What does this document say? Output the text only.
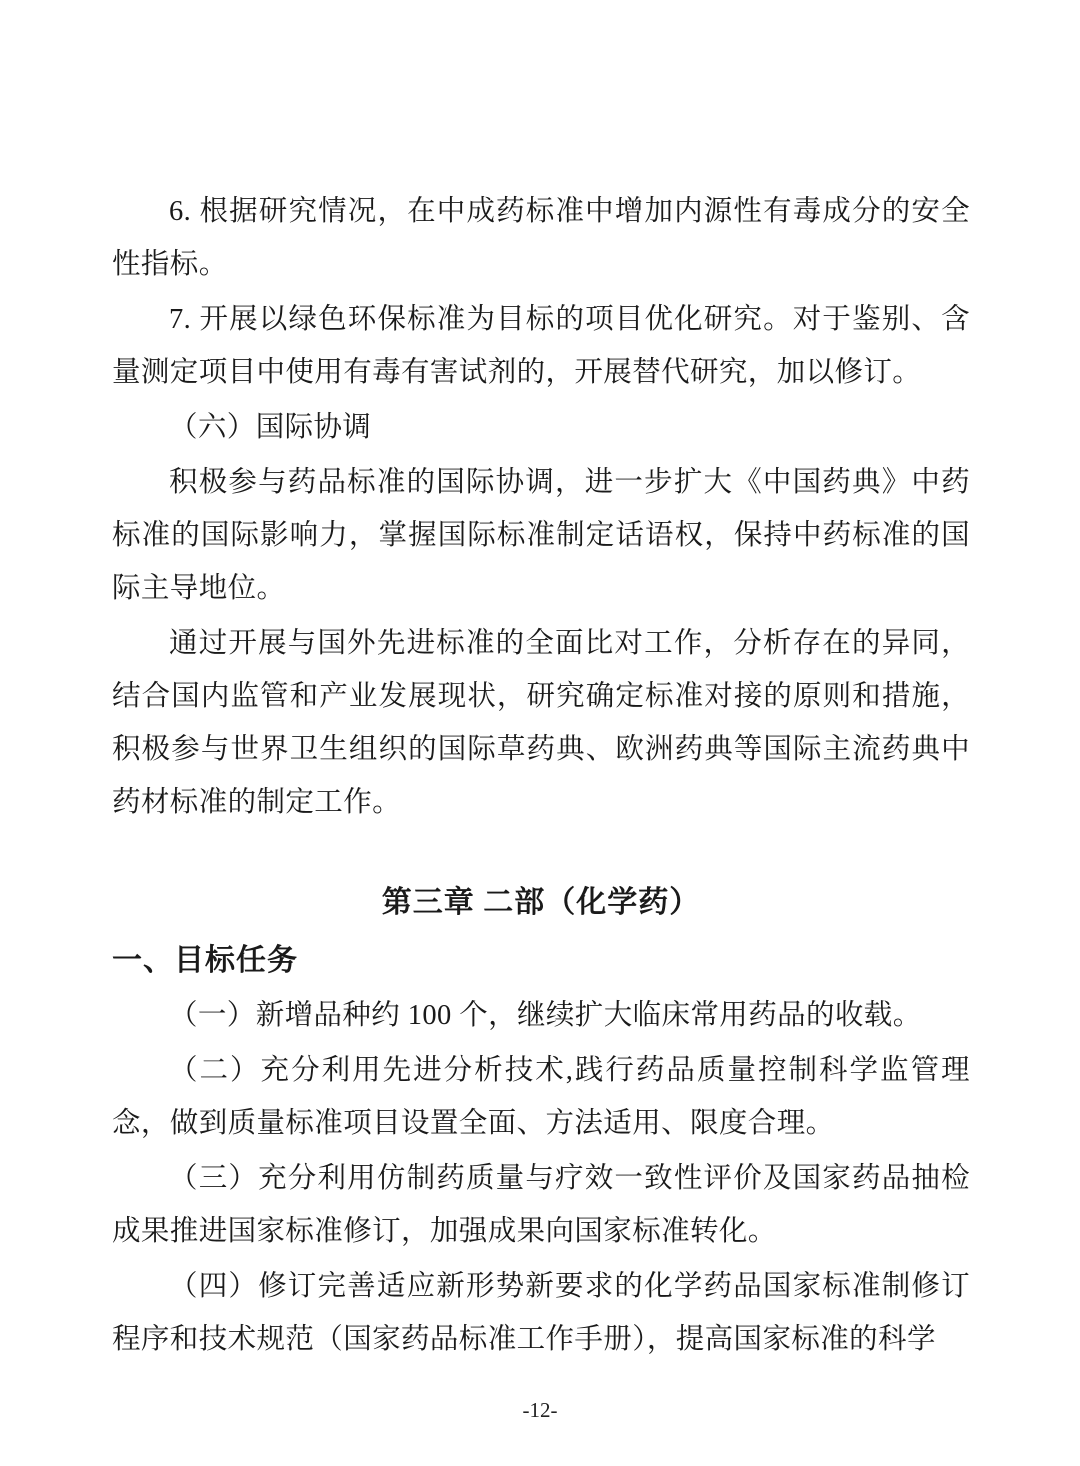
6. 根据研究情况，在中成药标准中增加内源性有毒成分的安全性指标。

7. 开展以绿色环保标准为目标的项目优化研究。对于鉴别、含量测定项目中使用有毒有害试剂的，开展替代研究，加以修订。

（六）国际协调

积极参与药品标准的国际协调，进一步扩大《中国药典》中药标准的国际影响力，掌握国际标准制定话语权，保持中药标准的国际主导地位。

通过开展与国外先进标准的全面比对工作，分析存在的异同，结合国内监管和产业发展现状，研究确定标准对接的原则和措施，积极参与世界卫生组织的国际草药典、欧洲药典等国际主流药典中药材标准的制定工作。

第三章 二部（化学药）
一、目标任务

（一）新增品种约 100 个，继续扩大临床常用药品的收载。

（二）充分利用先进分析技术,践行药品质量控制科学监管理念，做到质量标准项目设置全面、方法适用、限度合理。

（三）充分利用仿制药质量与疗效一致性评价及国家药品抽检成果推进国家标准修订，加强成果向国家标准转化。

（四）修订完善适应新形势新要求的化学药品国家标准制修订程序和技术规范（国家药品标准工作手册），提高国家标准的科学

-12-
